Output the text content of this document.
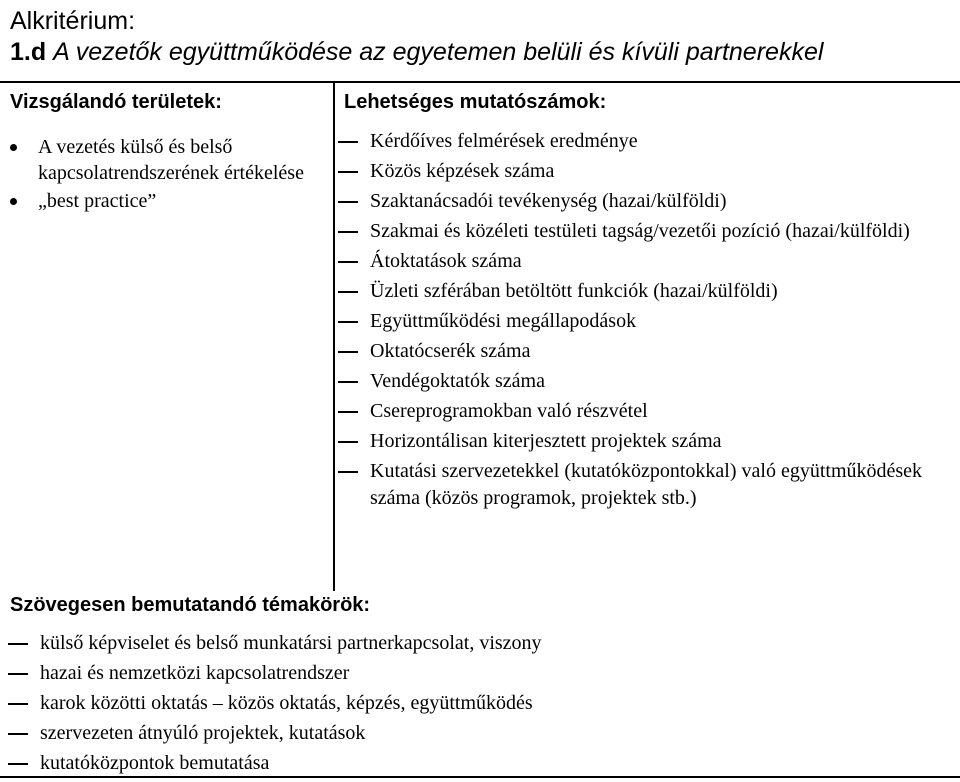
Alkritérium:
1.d A vezetők együttműködése az egyetemen belüli és kívüli partnerekkel
Vizsgálandó területek:
A vezetés külső és belső kapcsolatrendszerének értékelése
„best practice”
Lehetséges mutatószámok:
Kérdőíves felmérések eredménye
Közös képzések száma
Szaktanácsadói tevékenység (hazai/külföldi)
Szakmai és közéleti testületi tagság/vezetői pozíció (hazai/külföldi)
Átoktatások száma
Üzleti szférában betöltött funkciók (hazai/külföldi)
Együttműködési megállapodások
Oktatócserék száma
Vendégoktatók száma
Csereprogramokban való részvétel
Horizontálisan kiterjesztett projektek száma
Kutatási szervezetekkel (kutatóközpontokkal) való együttműködések száma (közös programok, projektek stb.)
Szövegesen bemutatandó témakörök:
külső képviselet és belső munkatársi partnerkapcsolat, viszony
hazai és nemzetközi kapcsolatrendszer
karok közötti oktatás – közös oktatás, képzés, együttműködés
szervezeten átnyúló projektek, kutatások
kutatóközpontok bemutatása
